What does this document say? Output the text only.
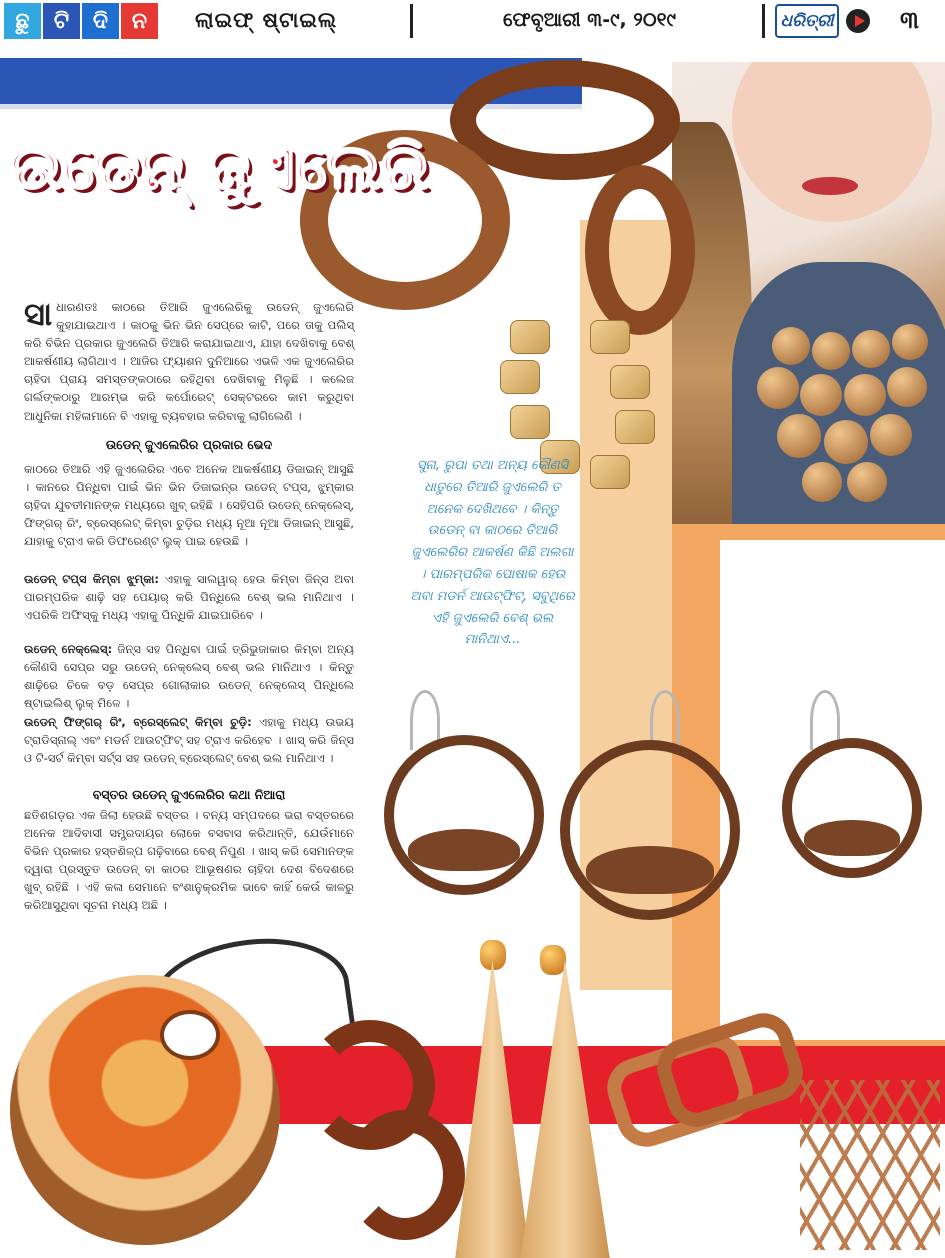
ଛୁ	ଟି	ଦି	ନ	ଲାଇଫ୍ ଷ୍ଟାଇଲ୍	ଫେବୃଆରୀ ୩-୯, ୨୦୧୯	ଧରିତ୍ରୀ	୩
ଉଡେନ୍ ଜୁଏଲେରି
ସା ଧାରଣତଃ କାଠରେ ତିଆରି ଜୁଏଲେରିକୁ ଉଡେନ୍ ଜୁଏଲେରି କୁହାଯାଇଥାଏ । କାଠକୁ ଭିନ ଭିନ ସେପ୍‌ରେ କାଟି, ପରେ ତାକୁ ପଲିସ୍ କରି ବିଭିନ ପ୍ରକାର ଜୁଏଲେରି ତିଆରି କରାଯାଇଥାଏ, ଯାହା ଦେଖିବାକୁ ବେଶ୍ ଆକର୍ଷଣୀୟ ଲାଗିଥାଏ । ଆଜିର ଫ୍ୟାଶନ ଦୁନିଆରେ ଏଭଳି ଏକ ଜୁଏଲେରିର ଚାହିଦା ପ୍ରାୟ ସମସ୍ତଙ୍କଠାରେ ରହିଥିବା ଦେଖିବାକୁ ମିଳୁଛି । କଲେଜ ଗର୍ଲଙ୍କଠାରୁ ଆରମ୍ଭ କରି କର୍ପୋରେଟ୍ ସେକ୍ଟରରେ କାମ କରୁଥିବା ଆଧୁନିକା ମହିଳାମାନେ ବି ଏହାକୁ ବ୍ୟବହାର କରିବାକୁ ଲାଗିଲେଣି ।
ଉଡେନ୍ ଜୁଏଲେରିର ପ୍ରକାର ଭେଦ
କାଠରେ ତିଆରି ଏହି ଜୁଏଲେରିର ଏବେ ଅନେକ ଆକର୍ଷଣୀୟ ଡିଜାଇନ୍ ଆସୁଛି । କାନରେ ପିନ୍ଧିବା ପାଇଁ ଭିନ ଭିନ ଡିଜାଇନ୍‌ର ଉଡେନ୍ ଟପ୍ସ, ଝୁମ୍‌କାର ଚାହିଦା ଯୁବତୀମାନଙ୍କ ମଧ୍ୟରେ ଖୁବ୍ ରହିଛି । ସେହିପରି ଉଡେନ୍ ନେକ୍‌ଲେସ୍, ଫିଙ୍ଗର୍ ରିଂ, ବ୍ରେସ୍‌ଲେଟ୍ କିମ୍ବା ଚୁଡ଼ିର ମଧ୍ୟ ନୂଆ ନୂଆ ଡିଜାଇନ୍ ଆସୁଛି, ଯାହାକୁ ଟ୍ରାଏ କରି ଡିଫରେଣ୍ଟ ଲୁକ୍ ପାଇ ହେଉଛି ।
ଉଡେନ୍ ଟପ୍ସ କିମ୍ବା ଝୁମ୍‌କା: ଏହାକୁ ସାଲୱାର୍ ହେଉ କିମ୍ବା ଜିନ୍ସ ଅବା ପାରମ୍ପରିକ ଶାଢ଼ି ସହ ପେୟାର୍ କରି ପିନ୍ଧିଲେ ବେଶ୍ ଭଲ ମାନିଥାଏ । ଏପରିକି ଅଫିସ୍‌କୁ ମଧ୍ୟ ଏହାକୁ ପିନ୍ଧିକି ଯାଇପାରିବେ ।
ଉଡେନ୍ ନେକ୍‌ଲେସ୍: ଜିନ୍ସ ସହ ପିନ୍ଧିବା ପାଇଁ ତ୍ରିଭୁଜାକାର କିମ୍ବା ଅନ୍ୟ କୌଣସି ସେପ୍‌ର ସରୁ ଉଡେନ୍ ନେକ୍‌ଲେସ୍ ବେଶ୍ ଭଲ ମାନିଥାଏ । କିନ୍ତୁ ଶାଢ଼ିରେ ଚିକେ ବଡ଼ ସେପ୍‌ର ଗୋଲାକାର ଉଡେନ୍ ନେକ୍‌ଲେସ୍ ପିନ୍ଧିଲେ ଷ୍ଟାଇଲିଶ୍ ଲୁକ୍ ମିଳେ ।
ଉଡେନ୍ ଫିଙ୍ଗର୍ ରିଂ, ବ୍ରେସ୍‌ଲେଟ୍ କିମ୍ବା ଚୁଡ଼ି: ଏହାକୁ ମଧ୍ୟ ଉଭୟ ଟ୍ରାଡିସ୍‌ନାଲ୍ ଏବଂ ମଡର୍ନ ଆଉଟ୍‌ଫିଟ୍ ସହ ଟ୍ରାଏ କରିହେବ । ଖାସ୍ କରି ଜିନ୍ସ ଓ ଟି-ସର୍ଟ କିମ୍ବା ସର୍ଟ୍ସ ସହ ଉଡେନ୍ ବ୍ରେସ୍‌ଲେଟ୍ ବେଶ୍ ଭଲ ମାନିଥାଏ ।
ବସ୍ତର ଉଡେନ୍ ଜୁଏଲେରିର କଥା ନିଆରା
ଛତିଶଗଡ଼ର ଏକ ଜିଲା ହେଉଛି ବସ୍ତର । ବନ୍ୟ ସମ୍ପଦରେ ଭରା ବସ୍ତରରେ ଅନେକ ଆଦିବାସୀ ସମ୍ପ୍ରଦାୟର ଲୋକେ ବସବାସ କରିଥାନ୍ତି, ଯେଉଁମାନେ ବିଭିନ ପ୍ରକାର ହସ୍ତଶିଳ୍ପ ଗଢ଼ିବାରେ ବେଶ୍ ନିପୁଣ । ଖାସ୍ କରି ସେମାନଙ୍କ ଦ୍ୱାରା ପ୍ରସ୍ତୁତ ଉଡେନ୍ ବା କାଠର ଆଭୂଷଣର ଚାହିଦା ଦେଶ ବିଦେଶରେ ଖୁବ୍ ରହିଛି । ଏହି କଳା ସେମାନେ ବଂଶାନୁକ୍ରମିକ ଭାବେ କାହିଁ କେଉଁ କାଳରୁ କରିଆସୁଥିବା ସୂଚନା ମଧ୍ୟ ଅଛି ।
ସୁନା, ରୁପା ତଥା ଅନ୍ୟ କୌଣସି ଧାତୁରେ ତିଆରି ଜୁଏଲେରି ତ ଅନେକ ଦେଖିଥବେ । କିନ୍ତୁ ଉଡେନ୍ ବା କାଠରେ ତିଆରି ଜୁଏଲେରିର ଆକର୍ଷଣ କିଛି ଅଲଗା । ପାରମ୍ପରିକ ପୋଷାକ ହେଉ ଅବା ମଡର୍ନ ଆଉଟ୍‌ଫିଟ୍, ସବୁଥିରେ ଏହି ଜୁଏଲେରି ବେଶ୍ ଭଲ ମାନିଥାଏ...
